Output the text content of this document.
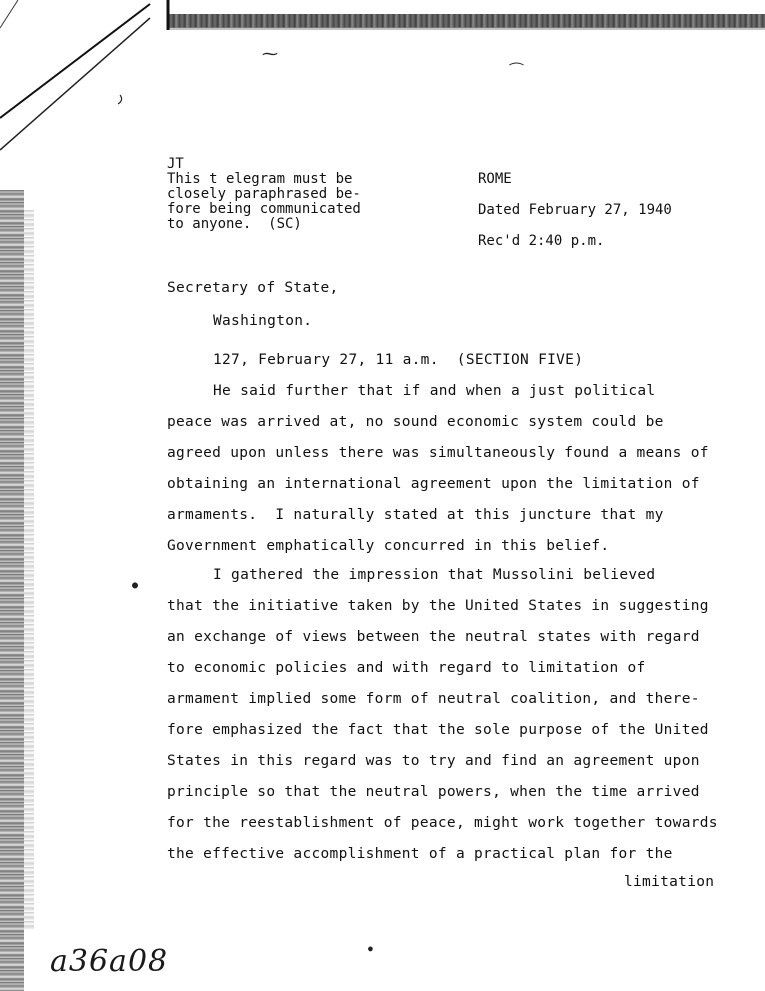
⁓	⁔
JT
This t elegram must be
closely paraphrased be-
fore being communicated
to anyone.  (SC)
ROME
Dated February 27, 1940
Rec'd 2:40 p.m.
Secretary of State,
Washington.
127, February 27, 11 a.m.  (SECTION FIVE)
He said further that if and when a just political
peace was arrived at, no sound economic system could be
agreed upon unless there was simultaneously found a means of
obtaining an international agreement upon the limitation of
armaments.  I naturally stated at this juncture that my
Government emphatically concurred in this belief.
I gathered the impression that Mussolini believed
that the initiative taken by the United States in suggesting
an exchange of views between the neutral states with regard
to economic policies and with regard to limitation of
armament implied some form of neutral coalition, and there-
fore emphasized the fact that the sole purpose of the United
States in this regard was to try and find an agreement upon
principle so that the neutral powers, when the time arrived
for the reestablishment of peace, might work together towards
the effective accomplishment of a practical plan for the
limitation
●
●
a36a08
